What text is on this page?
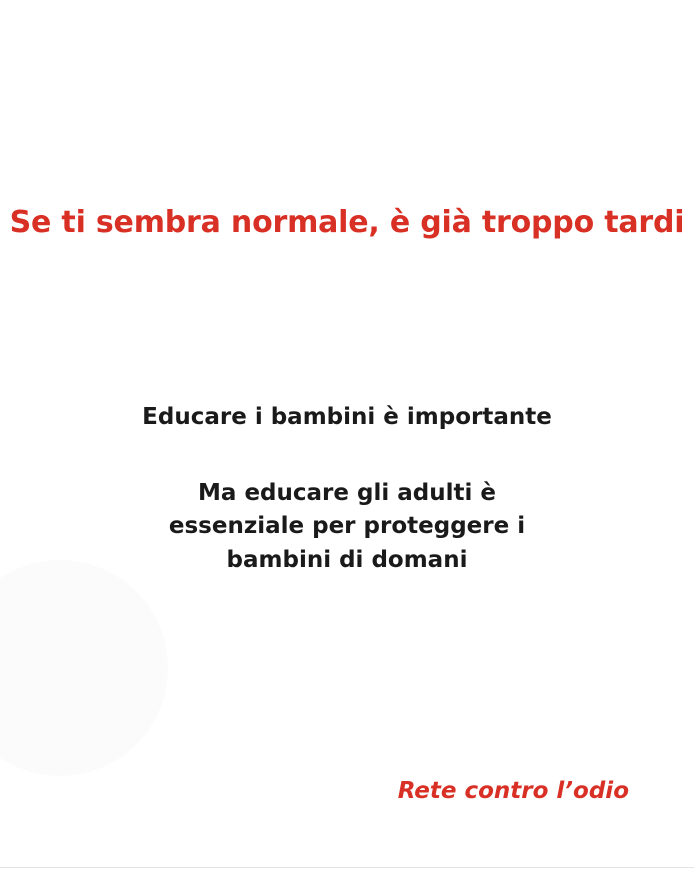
Se ti sembra normale, è già troppo tardi
Educare i bambini è importante
Ma educare gli adulti è
essenziale per proteggere i
bambini di domani
Rete contro l’odio
